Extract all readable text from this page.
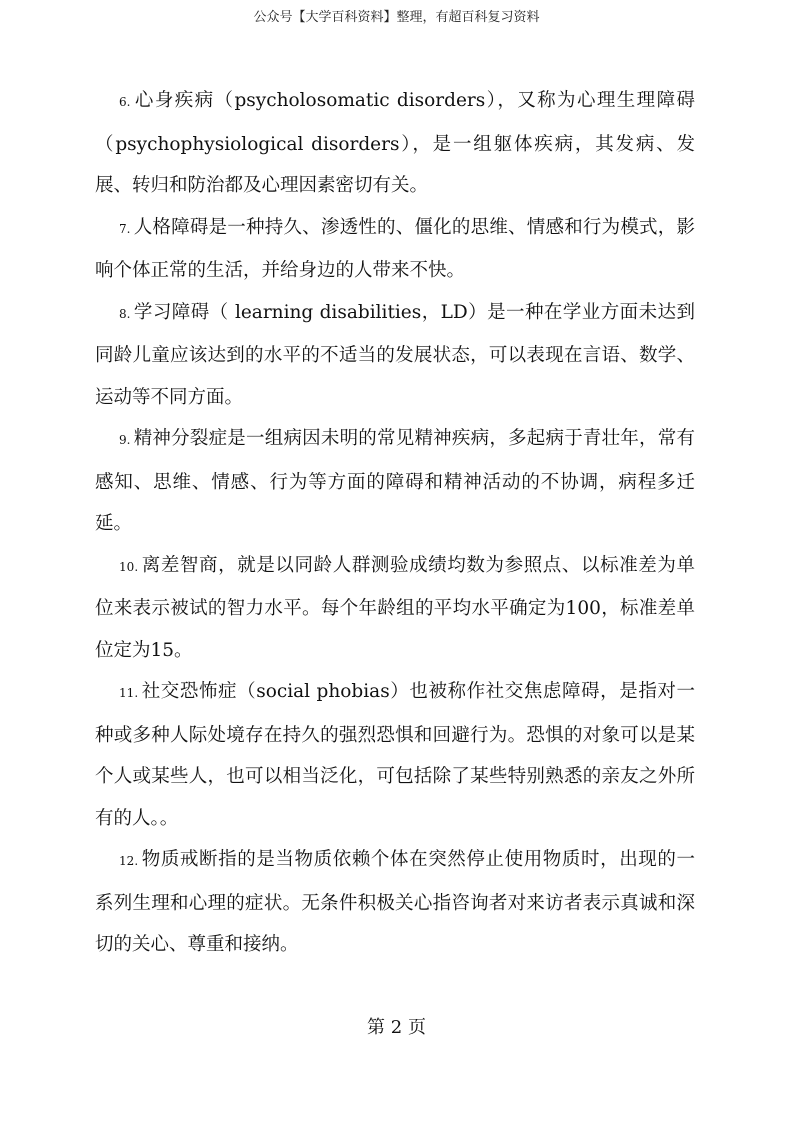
公众号【大学百科资料】整理，有超百科复习资料

6. 心身疾病（psycholosomatic disorders），又称为心理生理障碍（psychophysiological disorders），是一组躯体疾病，其发病、发展、转归和防治都及心理因素密切有关。

7. 人格障碍是一种持久、渗透性的、僵化的思维、情感和行为模式，影响个体正常的生活，并给身边的人带来不快。

8. 学习障碍（ learning disabilities，LD）是一种在学业方面未达到同龄儿童应该达到的水平的不适当的发展状态，可以表现在言语、数学、运动等不同方面。

9. 精神分裂症是一组病因未明的常见精神疾病，多起病于青壮年，常有感知、思维、情感、行为等方面的障碍和精神活动的不协调，病程多迁延。

10. 离差智商，就是以同龄人群测验成绩均数为参照点、以标准差为单位来表示被试的智力水平。每个年龄组的平均水平确定为100，标准差单位定为15。

11. 社交恐怖症（social phobias）也被称作社交焦虑障碍，是指对一种或多种人际处境存在持久的强烈恐惧和回避行为。恐惧的对象可以是某个人或某些人，也可以相当泛化，可包括除了某些特别熟悉的亲友之外所有的人。。

12. 物质戒断指的是当物质依赖个体在突然停止使用物质时，出现的一系列生理和心理的症状。无条件积极关心指咨询者对来访者表示真诚和深切的关心、尊重和接纳。

第 2 页
